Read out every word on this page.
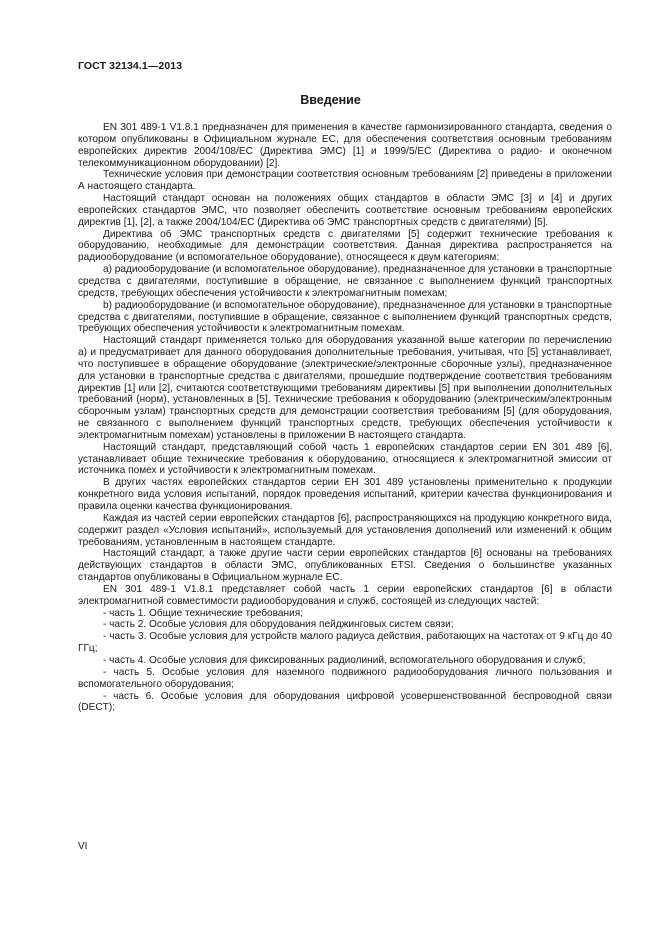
ГОСТ 32134.1—2013
Введение

EN 301 489-1 V1.8.1 предназначен для применения в качестве гармонизированного стандарта, сведения о котором опубликованы в Официальном журнале ЕС, для обеспечения соответствия основным требованиям европейских директив 2004/108/ЕС (Директива ЭМС) [1] и 1999/5/ЕС (Директива о радио- и оконечном телекоммуникационном оборудовании) [2].

Технические условия при демонстрации соответствия основным требованиям [2] приведены в приложении А настоящего стандарта.

Настоящий стандарт основан на положениях общих стандартов в области ЭМС [3] и [4] и других европейских стандартов ЭМС, что позволяет обеспечить соответствие основным требованиям европейских директив [1], [2], а также 2004/104/ЕС (Директива об ЭМС транспортных средств с двигателями) [5].

Директива об ЭМС транспортных средств с двигателями [5] содержит технические требования к оборудованию, необходимые для демонстрации соответствия. Данная директива распространяется на радиооборудование (и вспомогательное оборудование), относящееся к двум категориям:

a) радиооборудование (и вспомогательное оборудование), предназначенное для установки в транспортные средства с двигателями, поступившие в обращение, не связанное с выполнением функций транспортных средств, требующих обеспечения устойчивости к электромагнитным помехам;

b) радиооборудование (и вспомогательное оборудование), предназначенное для установки в транспортные средства с двигателями, поступившие в обращение, связанное с выполнением функций транспортных средств, требующих обеспечения устойчивости к электромагнитным помехам.

Настоящий стандарт применяется только для оборудования указанной выше категории по перечислению а) и предусматривает для данного оборудования дополнительные требования, учитывая, что [5] устанавливает, что поступившее в обращение оборудование (электрические/электронные сборочные узлы), предназначенное для установки в транспортные средства с двигателями, прошедшие подтверждение соответствия требованиям директив [1] или [2], считаются соответствующими требованиям директивы [5] при выполнении дополнительных требований (норм), установленных в [5]. Технические требования к оборудованию (электрическим/электронным сборочным узлам) транспортных средств для демонстрации соответствия требованиям [5] (для оборудования, не связанного с выполнением функций транспортных средств, требующих обеспечения устойчивости к электромагнитным помехам) установлены в приложении В настоящего стандарта.

Настоящий стандарт, представляющий собой часть 1 европейских стандартов серии EN 301 489 [6], устанавливает общие технические требования к оборудованию, относящиеся к электромагнитной эмиссии от источника помех и устойчивости к электромагнитным помехам.

В других частях европейских стандартов серии EH 301 489 установлены применительно к продукции конкретного вида условия испытаний, порядок проведения испытаний, критерии качества функционирования и правила оценки качества функционирования.

Каждая из частей серии европейских стандартов [6], распространяющихся на продукцию конкретного вида, содержит раздел «Условия испытаний», используемый для установления дополнений или изменений к общим требованиям, установленным в настоящем стандарте.

Настоящий стандарт, а также другие части серии европейских стандартов [6] основаны на требованиях действующих стандартов в области ЭМС, опубликованных ETSI. Сведения о большинстве указанных стандартов опубликованы в Официальном журнале ЕС.

EN 301 489-1 V1.8.1 представляет собой часть 1 серии европейских стандартов [6] в области электромагнитной совместимости радиооборудования и служб, состоящей из следующих частей:

- часть 1. Общие технические требования;

- часть 2. Особые условия для оборудования пейджинговых систем связи;

- часть 3. Особые условия для устройств малого радиуса действия, работающих на частотах от 9 кГц до 40 ГГц;

- часть 4. Особые условия для фиксированных радиолиний, вспомогательного оборудования и служб;

- часть 5. Особые условия для наземного подвижного радиооборудования личного пользования и вспомогательного оборудования;

- часть 6. Особые условия для оборудования цифровой усовершенствованной беспроводной связи (DECT);

VI
